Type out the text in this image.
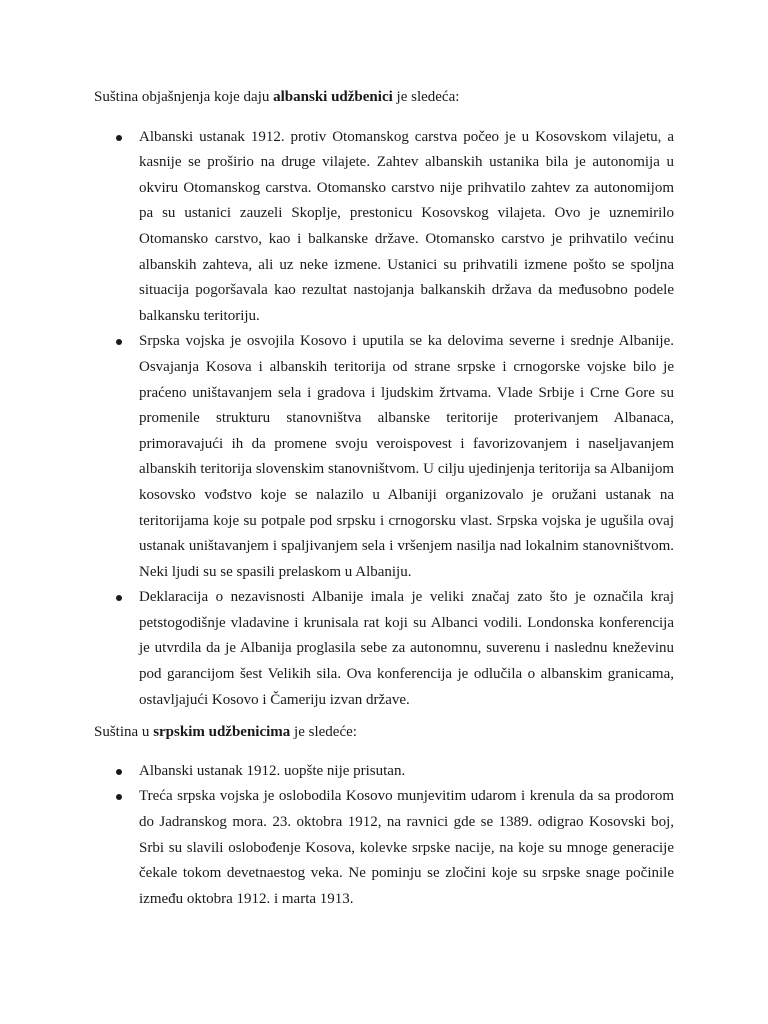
Suština objašnjenja koje daju albanski udžbenici je sledeća:

Albanski ustanak 1912. protiv Otomanskog carstva počeo je u Kosovskom vilajetu, a kasnije se proširio na druge vilajete. Zahtev albanskih ustanika bila je autonomija u okviru Otomanskog carstva. Otomansko carstvo nije prihvatilo zahtev za autonomijom pa su ustanici zauzeli Skoplje, prestonicu Kosovskog vilajeta. Ovo je uznemirilo Otomansko carstvo, kao i balkanske države. Otomansko carstvo je prihvatilo većinu albanskih zahteva, ali uz neke izmene. Ustanici su prihvatili izmene pošto se spoljna situacija pogoršavala kao rezultat nastojanja balkanskih država da međusobno podele balkansku teritoriju.
Srpska vojska je osvojila Kosovo i uputila se ka delovima severne i srednje Albanije. Osvajanja Kosova i albanskih teritorija od strane srpske i crnogorske vojske bilo je praćeno uništavanjem sela i gradova i ljudskim žrtvama. Vlade Srbije i Crne Gore su promenile strukturu stanovništva albanske teritorije proterivanjem Albanaca, primoravajući ih da promene svoju veroispovest i favorizovanjem i naseljavanjem albanskih teritorija slovenskim stanovništvom. U cilju ujedinjenja teritorija sa Albanijom kosovsko vođstvo koje se nalazilo u Albaniji organizovalo je oružani ustanak na teritorijama koje su potpale pod srpsku i crnogorsku vlast. Srpska vojska je ugušila ovaj ustanak uništavanjem i spaljivanjem sela i vršenjem nasilja nad lokalnim stanovništvom. Neki ljudi su se spasili prelaskom u Albaniju.
Deklaracija o nezavisnosti Albanije imala je veliki značaj zato što je označila kraj petstogodišnje vladavine i krunisala rat koji su Albanci vodili. Londonska konferencija je utvrdila da je Albanija proglasila sebe za autonomnu, suverenu i naslednu kneževinu pod garancijom šest Velikih sila. Ova konferencija je odlučila o albanskim granicama, ostavljajući Kosovo i Čameriju izvan države.

Suština u srpskim udžbenicima je sledeće:

Albanski ustanak 1912. uopšte nije prisutan.
Treća srpska vojska je oslobodila Kosovo munjevitim udarom i krenula da sa prodorom do Jadranskog mora. 23. oktobra 1912, na ravnici gde se 1389. odigrao Kosovski boj, Srbi su slavili oslobođenje Kosova, kolevke srpske nacije, na koje su mnoge generacije čekale tokom devetnaestog veka. Ne pominju se zločini koje su srpske snage počinile između oktobra 1912. i marta 1913.
